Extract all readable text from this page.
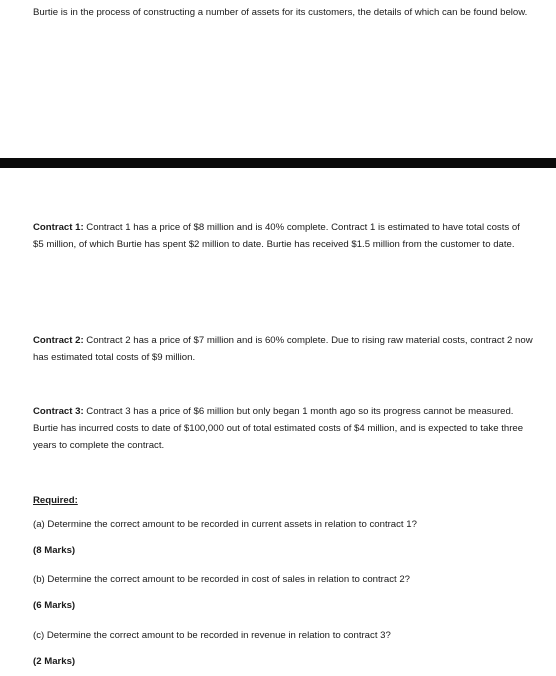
Burtie is in the process of constructing a number of assets for its customers, the details of which can be found below.
Contract 1: Contract 1 has a price of $8 million and is 40% complete. Contract 1 is estimated to have total costs of $5 million, of which Burtie has spent $2 million to date. Burtie has received $1.5 million from the customer to date.
Contract 2: Contract 2 has a price of $7 million and is 60% complete. Due to rising raw material costs, contract 2 now has estimated total costs of $9 million.
Contract 3: Contract 3 has a price of $6 million but only began 1 month ago so its progress cannot be measured. Burtie has incurred costs to date of $100,000 out of total estimated costs of $4 million, and is expected to take three years to complete the contract.
Required:
(a) Determine the correct amount to be recorded in current assets in relation to contract 1?
(8 Marks)
(b) Determine the correct amount to be recorded in cost of sales in relation to contract 2?
(6 Marks)
(c) Determine the correct amount to be recorded in revenue in relation to contract 3?
(2 Marks)
